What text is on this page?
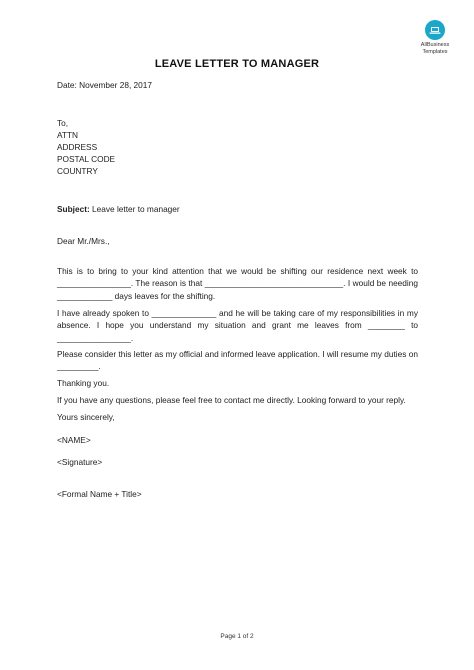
AllBusiness
Templates
LEAVE LETTER TO MANAGER
Date: November 28, 2017
To,
ATTN
ADDRESS
POSTAL CODE
COUNTRY
Subject: Leave letter to manager
Dear Mr./Mrs.,
This is to bring to your kind attention that we would be shifting our residence next week to ________________. The reason is that ______________________________. I would be needing ____________ days leaves for the shifting.
I have already spoken to ______________ and he will be taking care of my responsibilities in my absence. I hope you understand my situation and grant me leaves from ________ to ________________.
Please consider this letter as my official and informed leave application. I will resume my duties on _________.
Thanking you.
If you have any questions, please feel free to contact me directly. Looking forward to your reply.
Yours sincerely,
<NAME>
<Signature>
<Formal Name + Title>
Page 1 of 2
